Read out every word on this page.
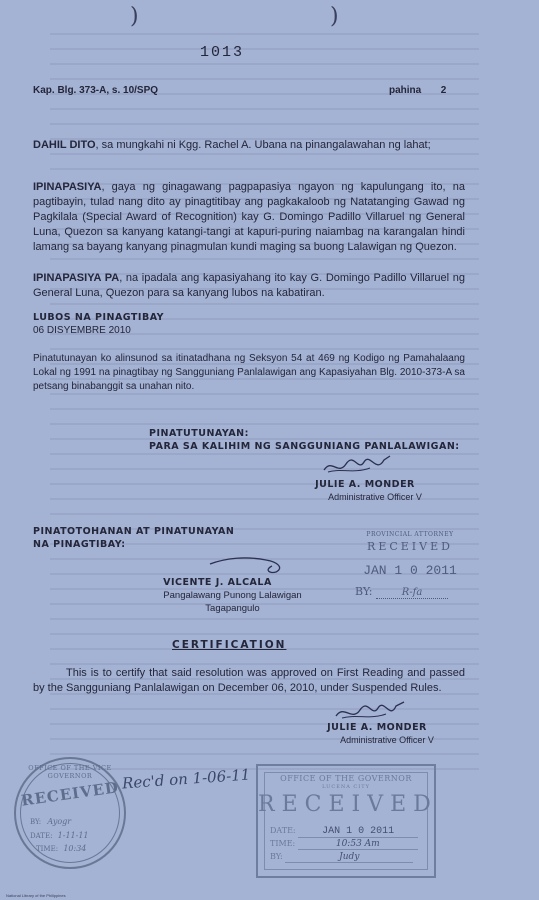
)	)
1013
Kap. Blg. 373-A, s. 10/SPQ	pahina 2

DAHIL DITO, sa mungkahi ni Kgg. Rachel A. Ubana na pinangalawahan ng lahat;

IPINAPASIYA, gaya ng ginagawang pagpapasiya ngayon ng kapulungang ito, na pagtibayin, tulad nang dito ay pinagtitibay ang pagkakaloob ng Natatanging Gawad ng Pagkilala (Special Award of Recognition) kay G. Domingo Padillo Villaruel ng General Luna, Quezon sa kanyang katangi-tangi at kapuri-puring naiambag na karangalan hindi lamang sa bayang kanyang pinagmulan kundi maging sa buong Lalawigan ng Quezon.

IPINAPASIYA PA, na ipadala ang kapasiyahang ito kay G. Domingo Padillo Villaruel ng General Luna, Quezon para sa kanyang lubos na kabatiran.

LUBOS NA PINAGTIBAY
06 DISYEMBRE 2010

Pinatutunayan ko alinsunod sa itinatadhana ng Seksyon 54 at 469 ng Kodigo ng Pamahalaang Lokal ng 1991 na pinagtibay ng Sangguniang Panlalawigan ang Kapasiyahan Blg. 2010-373-A sa petsang binabanggit sa unahan nito.

PINATUTUNAYAN:
PARA SA KALIHIM NG SANGGUNIANG PANLALAWIGAN:
JULIE A. MONDER
Administrative Officer V
PINATOTOHANAN AT PINATUNAYAN
NA PINAGTIBAY:
VICENTE J. ALCALA
Pangalawang Punong Lalawigan
Tagapangulo
PROVINCIAL ATTORNEY
RECEIVED
JAN 1 0 2011
BY:	R-fa
CERTIFICATION

This is to certify that said resolution was approved on First Reading and passed by the Sangguniang Panlalawigan on December 06, 2010, under Suspended Rules.

JULIE A. MONDER
Administrative Officer V
OFFICE OF THE VICE GOVERNOR
RECEIVED
BY: Ayogr
DATE: 1-11-11
TIME: 10:34
Rec'd on 1-06-11	OFFICE OF THE GOVERNOR
LUCENA CITY
RECEIVED
DATE:	JAN 1 0 2011
TIME:	10:53 Am
BY:	Judy
National Library of the Philippines
